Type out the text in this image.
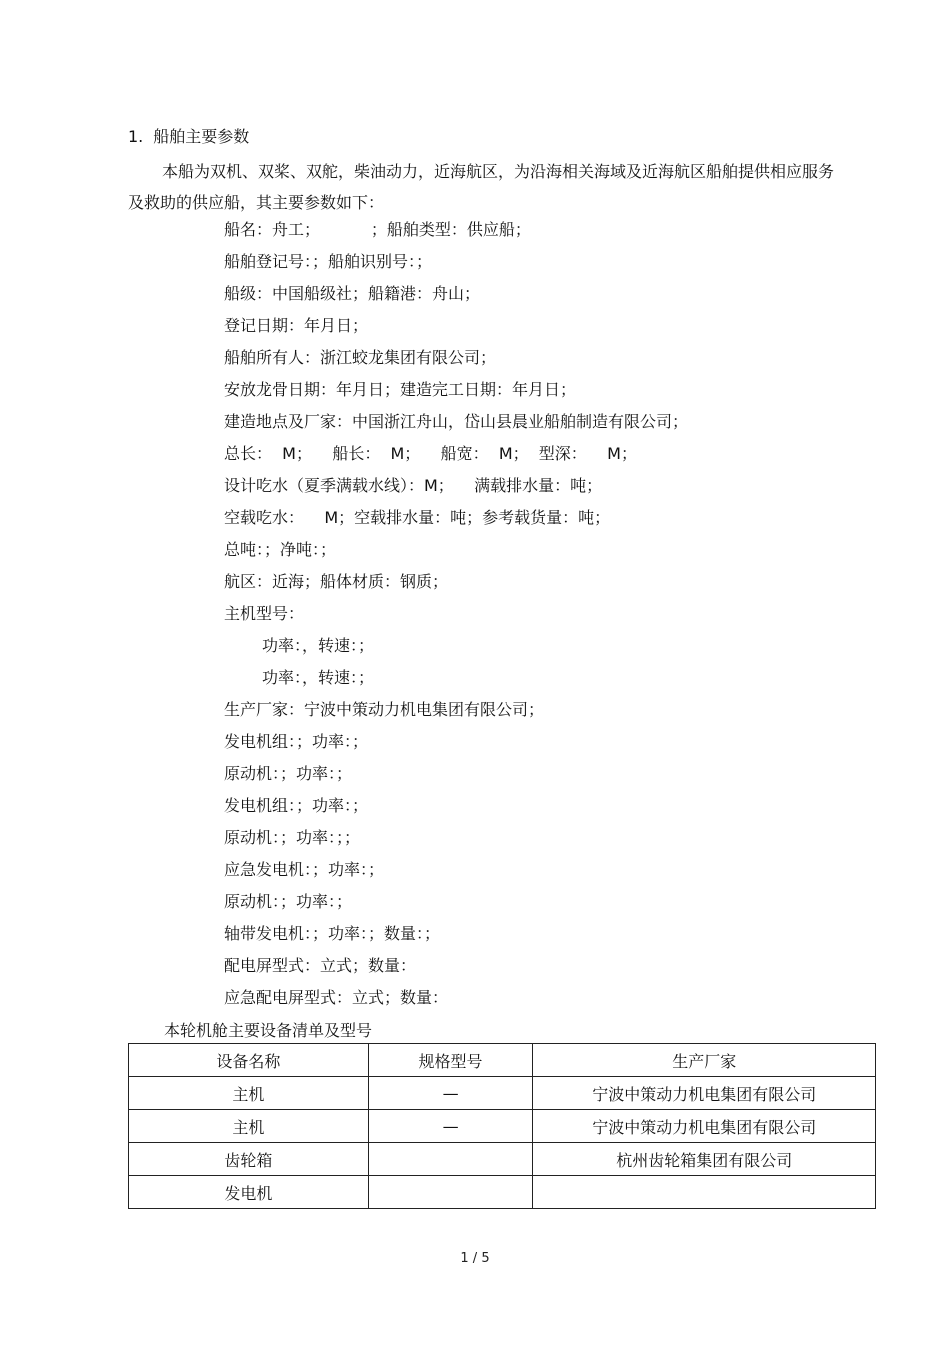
1. 船舶主要参数
本船为双机、双桨、双舵，柴油动力，近海航区，为沿海相关海域及近海航区船舶提供相应服务及救助的供应船，其主要参数如下：
船名：舟工；          ；船舶类型：供应船；
船舶登记号：；船舶识别号：；
船级：中国船级社；船籍港：舟山；
登记日期：年月日；
船舶所有人：浙江蛟龙集团有限公司；
安放龙骨日期：年月日；建造完工日期：年月日；
建造地点及厂家：中国浙江舟山，岱山县晨业船舶制造有限公司；
总长：  M；    船长：  M；    船宽：  M；  型深：    M；
设计吃水（夏季满载水线）：M；    满载排水量：吨；
空载吃水：    M；空载排水量：吨；参考载货量：吨；
总吨：；净吨：；
航区：近海；船体材质：钢质；
主机型号：
功率：，转速：；
功率：，转速：；
生产厂家：宁波中策动力机电集团有限公司；
发电机组：；功率：；
原动机：；功率：；
发电机组：；功率：；
原动机：；功率：；；
应急发电机：；功率：；
原动机：；功率：；
轴带发电机：；功率：；数量：；
配电屏型式：立式；数量：
应急配电屏型式：立式；数量：
本轮机舱主要设备清单及型号
设备名称	规格型号	生产厂家
主机	—	宁波中策动力机电集团有限公司
主机	—	宁波中策动力机电集团有限公司
齿轮箱		杭州齿轮箱集团有限公司
发电机		
1 / 5
